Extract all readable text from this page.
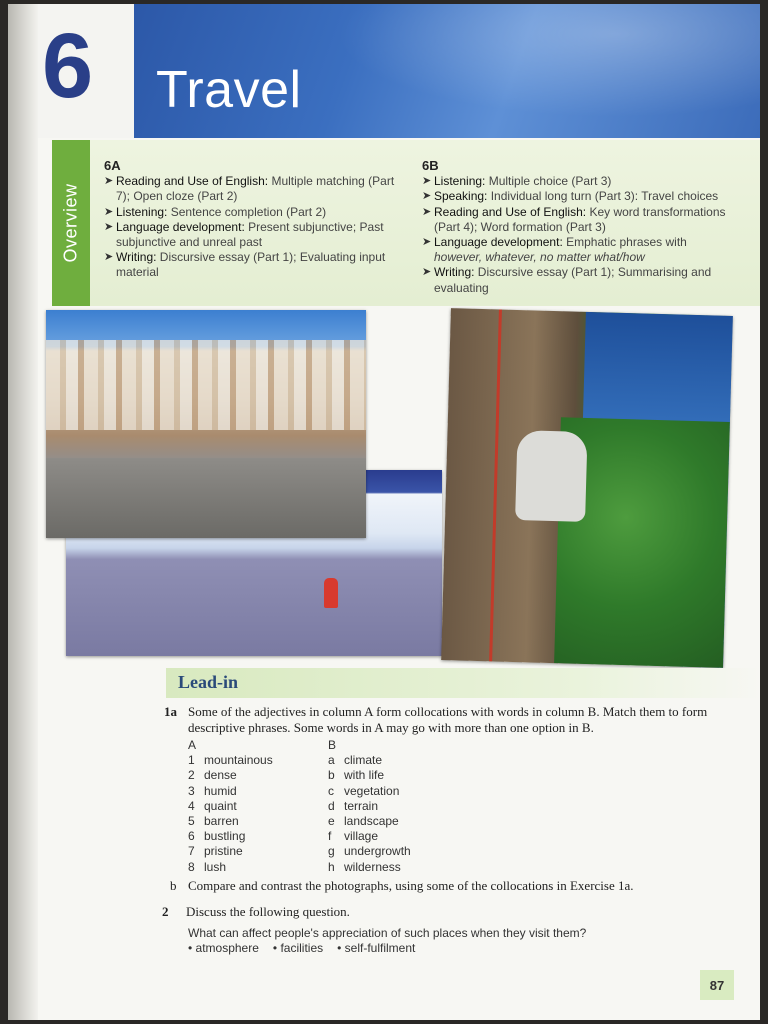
6 Travel
Overview
6A
➤ Reading and Use of English: Multiple matching (Part 7); Open cloze (Part 2)
➤ Listening: Sentence completion (Part 2)
➤ Language development: Present subjunctive; Past subjunctive and unreal past
➤ Writing: Discursive essay (Part 1); Evaluating input material
6B
➤ Listening: Multiple choice (Part 3)
➤ Speaking: Individual long turn (Part 3): Travel choices
➤ Reading and Use of English: Key word transformations (Part 4); Word formation (Part 3)
➤ Language development: Emphatic phrases with however, whatever, no matter what/how
➤ Writing: Discursive essay (Part 1); Summarising and evaluating
Lead-in
1a Some of the adjectives in column A form collocations with words in column B. Match them to form descriptive phrases. Some words in A may go with more than one option in B.
A
1 mountainous
2 dense
3 humid
4 quaint
5 barren
6 bustling
7 pristine
8 lush
B
a climate
b with life
c vegetation
d terrain
e landscape
f	village
g undergrowth
h wilderness
b Compare and contrast the photographs, using some of the collocations in Exercise 1a.
2 Discuss the following question.
What can affect people's appreciation of such places when they visit them?
• atmosphere • facilities • self-fulfilment
87
